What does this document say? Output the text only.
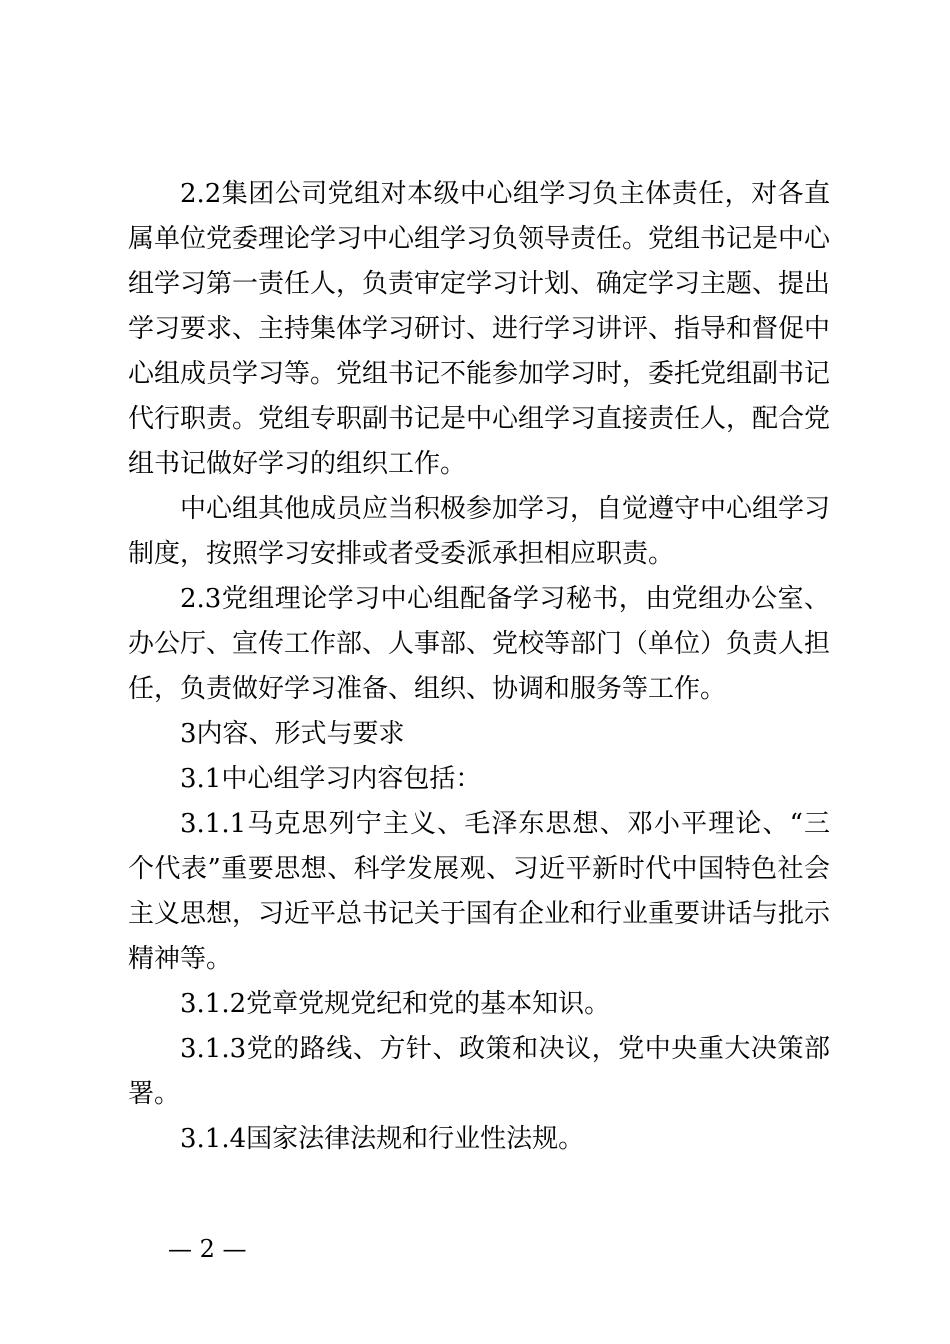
2.2集团公司党组对本级中心组学习负主体责任，对各直属单位党委理论学习中心组学习负领导责任。党组书记是中心组学习第一责任人，负责审定学习计划、确定学习主题、提出学习要求、主持集体学习研讨、进行学习讲评、指导和督促中心组成员学习等。党组书记不能参加学习时，委托党组副书记代行职责。党组专职副书记是中心组学习直接责任人，配合党组书记做好学习的组织工作。

中心组其他成员应当积极参加学习，自觉遵守中心组学习制度，按照学习安排或者受委派承担相应职责。

2.3党组理论学习中心组配备学习秘书，由党组办公室、办公厅、宣传工作部、人事部、党校等部门（单位）负责人担任，负责做好学习准备、组织、协调和服务等工作。

3内容、形式与要求

3.1中心组学习内容包括：

3.1.1马克思列宁主义、毛泽东思想、邓小平理论、“三个代表”重要思想、科学发展观、习近平新时代中国特色社会主义思想，习近平总书记关于国有企业和行业重要讲话与批示精神等。

3.1.2党章党规党纪和党的基本知识。

3.1.3党的路线、方针、政策和决议，党中央重大决策部署。

3.1.4国家法律法规和行业性法规。

— 2 —
